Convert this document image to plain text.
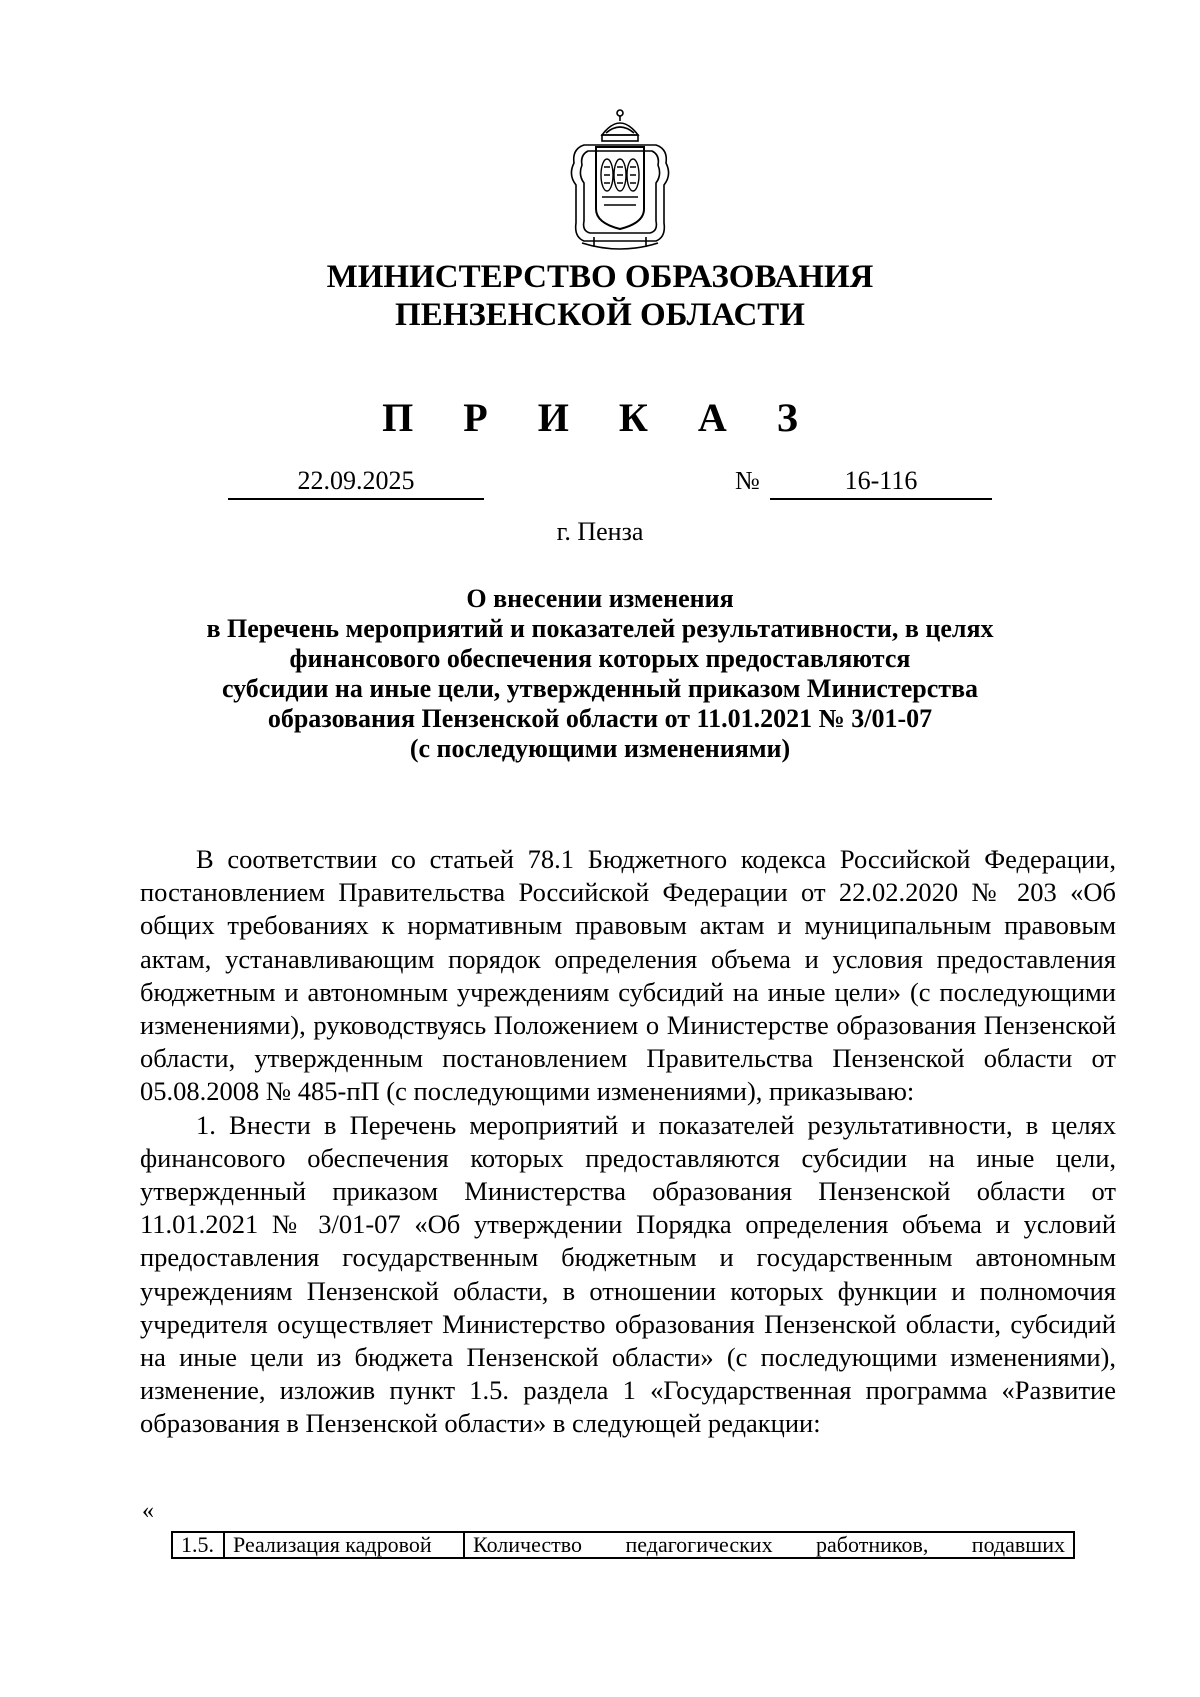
МИНИСТЕРСТВО ОБРАЗОВАНИЯ
ПЕНЗЕНСКОЙ ОБЛАСТИ
П Р И К А З
22.09.2025	№	16-116
г. Пенза
О внесении изменения
в Перечень мероприятий и показателей результативности, в целях
финансового обеспечения которых предоставляются
субсидии на иные цели, утвержденный приказом Министерства
образования Пензенской области от 11.01.2021 № 3/01-07
(с последующими изменениями)

В соответствии со статьей 78.1 Бюджетного кодекса Российской Федерации, постановлением Правительства Российской Федерации от 22.02.2020 № 203 «Об общих требованиях к нормативным правовым актам и муниципальным правовым актам, устанавливающим порядок определения объема и условия предоставления бюджетным и автономным учреждениям субсидий на иные цели» (с последующими изменениями), руководствуясь Положением о Министерстве образования Пензенской области, утвержденным постановлением Правительства Пензенской области от 05.08.2008 № 485-пП (с последующими изменениями), приказываю:

1. Внести в Перечень мероприятий и показателей результативности, в целях финансового обеспечения которых предоставляются субсидии на иные цели, утвержденный приказом Министерства образования Пензенской области от 11.01.2021 № 3/01-07 «Об утверждении Порядка определения объема и условий предоставления государственным бюджетным и государственным автономным учреждениям Пензенской области, в отношении которых функции и полномочия учредителя осуществляет Министерство образования Пензенской области, субсидий на иные цели из бюджета Пензенской области» (с последующими изменениями), изменение, изложив пункт 1.5. раздела 1 «Государственная программа «Развитие образования в Пензенской области» в следующей редакции:

«
1.5.	Реализация кадровой	Количество педагогических работников, подавших
